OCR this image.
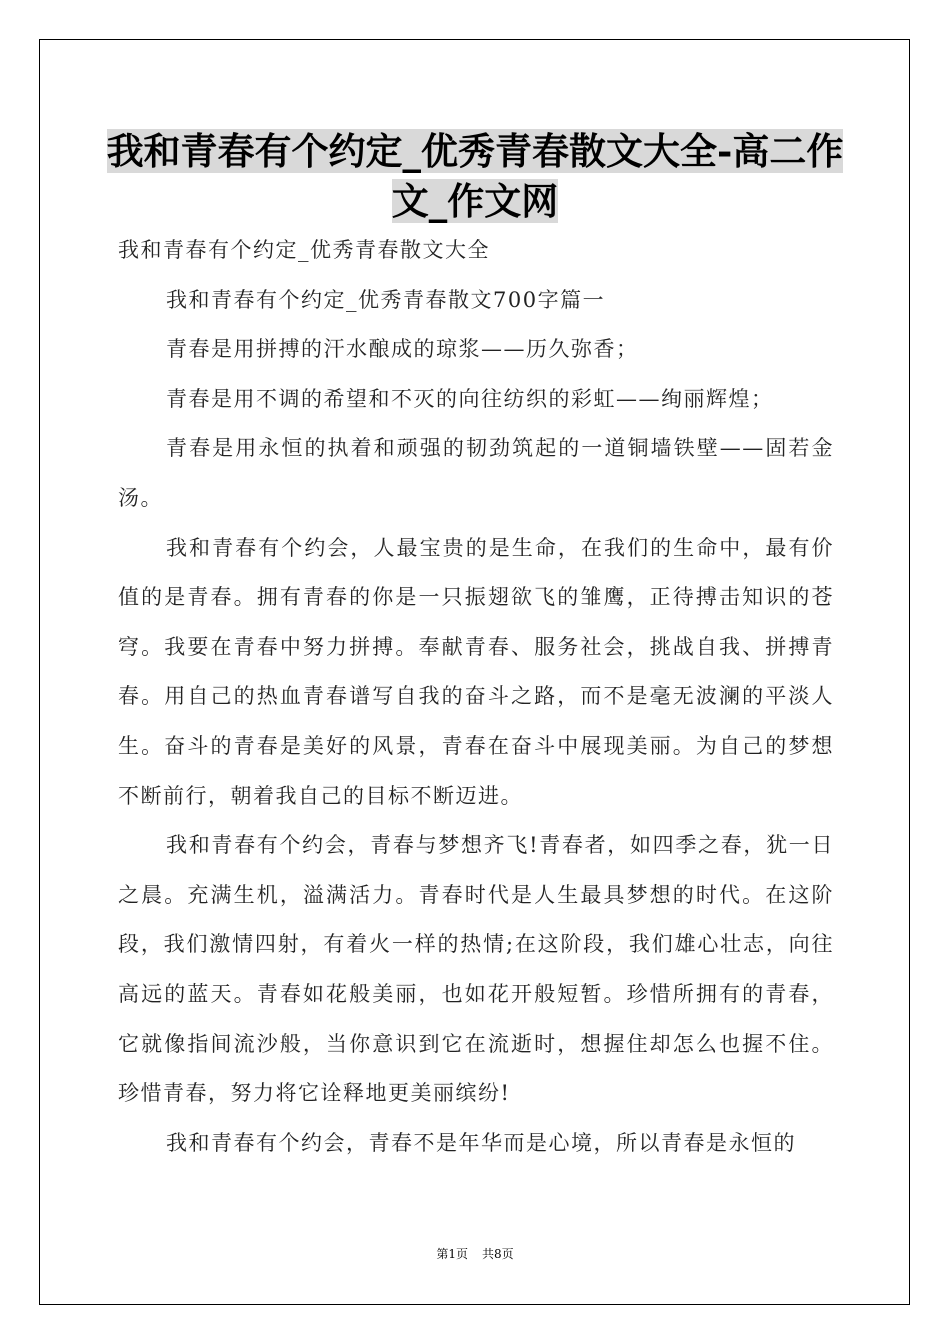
我和青春有个约定_优秀青春散文大全-高二作
文_作文网

我和青春有个约定_优秀青春散文大全

我和青春有个约定_优秀青春散文700字篇一

青春是用拼搏的汗水酿成的琼浆——历久弥香；

青春是用不调的希望和不灭的向往纺织的彩虹——绚丽辉煌；

青春是用永恒的执着和顽强的韧劲筑起的一道铜墙铁壁——固若金汤。

我和青春有个约会，人最宝贵的是生命，在我们的生命中，最有价值的是青春。拥有青春的你是一只振翅欲飞的雏鹰，正待搏击知识的苍穹。我要在青春中努力拼搏。奉献青春、服务社会，挑战自我、拼搏青春。用自己的热血青春谱写自我的奋斗之路，而不是毫无波澜的平淡人生。奋斗的青春是美好的风景，青春在奋斗中展现美丽。为自己的梦想不断前行，朝着我自己的目标不断迈进。

我和青春有个约会，青春与梦想齐飞!青春者，如四季之春，犹一日之晨。充满生机，溢满活力。青春时代是人生最具梦想的时代。在这阶段，我们激情四射，有着火一样的热情;在这阶段，我们雄心壮志，向往高远的蓝天。青春如花般美丽，也如花开般短暂。珍惜所拥有的青春，它就像指间流沙般，当你意识到它在流逝时，想握住却怎么也握不住。珍惜青春，努力将它诠释地更美丽缤纷!

我和青春有个约会，青春不是年华而是心境，所以青春是永恒的

第1页 共8页
